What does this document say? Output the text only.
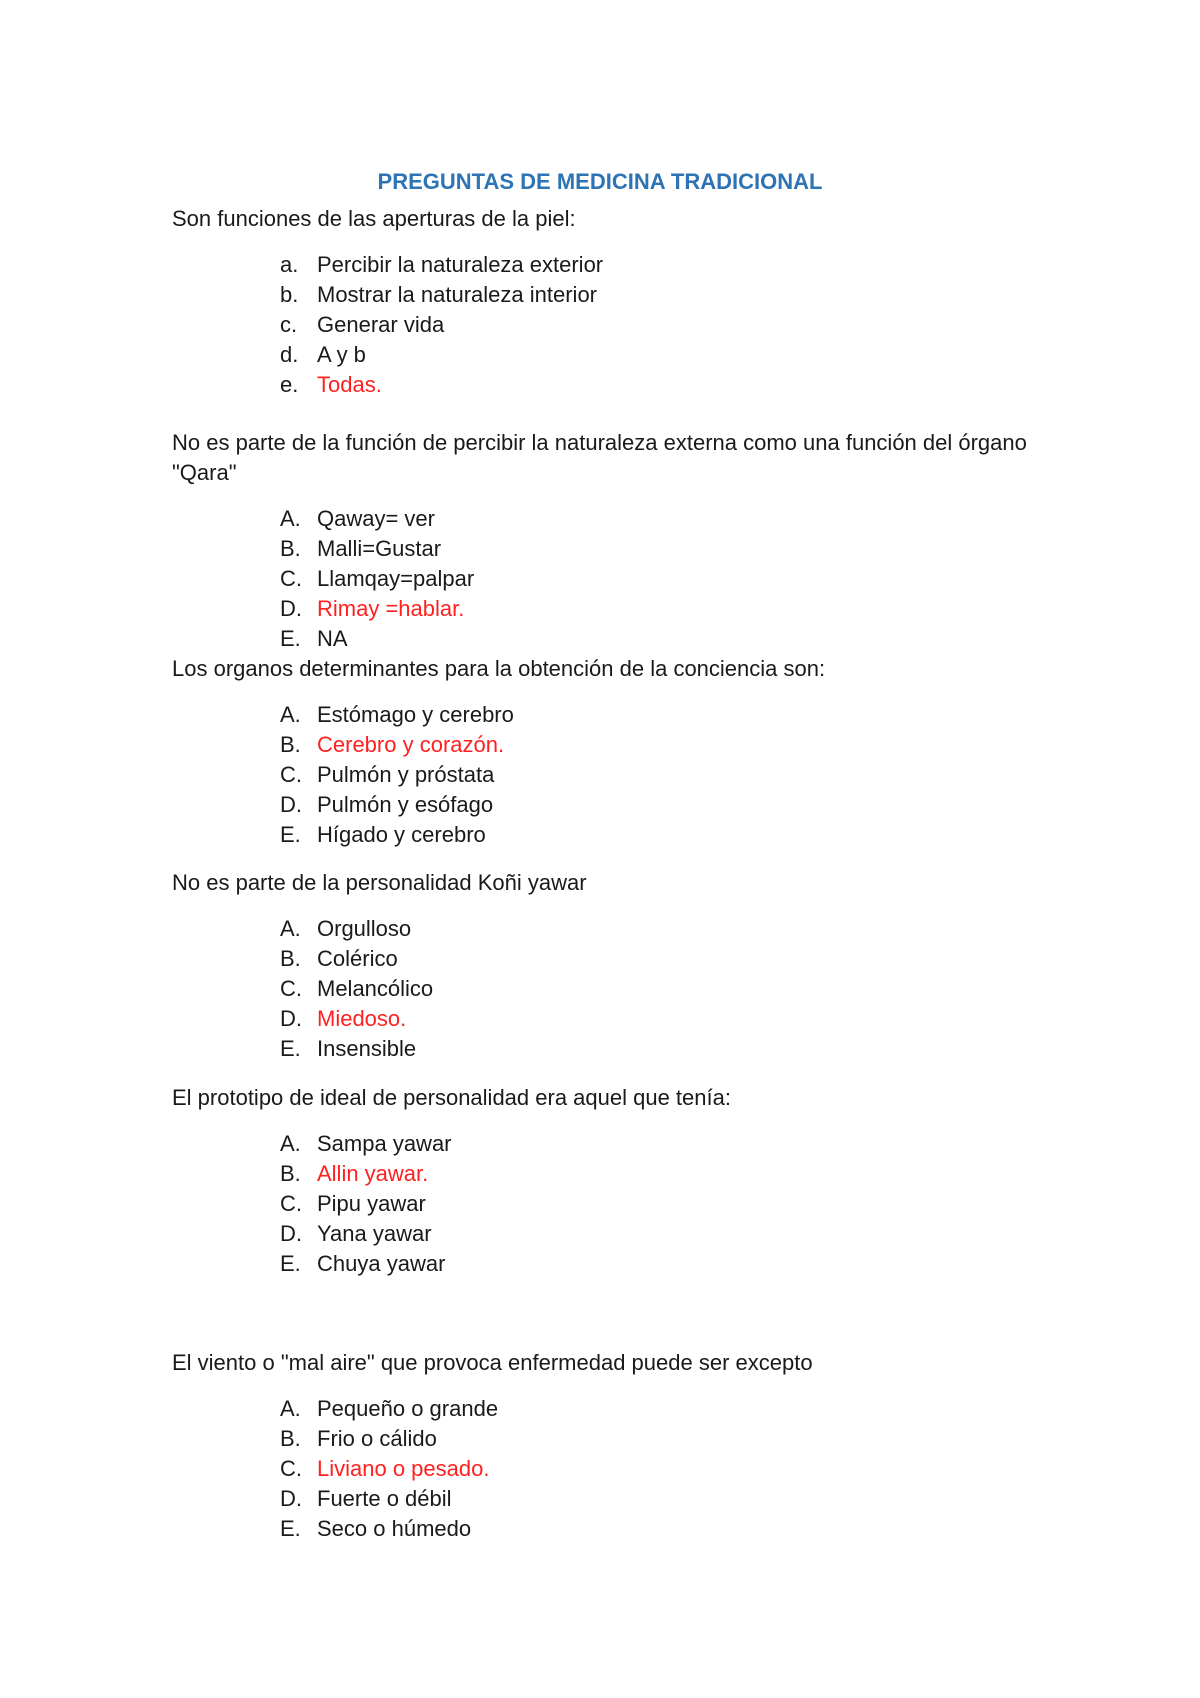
PREGUNTAS DE MEDICINA TRADICIONAL

Son funciones de las aperturas de la piel:

a. Percibir la naturaleza exterior
b. Mostrar la naturaleza interior
c. Generar vida
d. A y b
e. Todas.

No es parte de la función de percibir la naturaleza externa como una función del órgano "Qara"

A. Qaway= ver
B. Malli=Gustar
C. Llamqay=palpar
D. Rimay =hablar.
E. NA

Los organos determinantes para la obtención de la conciencia son:

A. Estómago y cerebro
B. Cerebro y corazón.
C. Pulmón y próstata
D. Pulmón y esófago
E. Hígado y cerebro

No es parte de la personalidad Koñi yawar

A. Orgulloso
B. Colérico
C. Melancólico
D. Miedoso.
E. Insensible

El prototipo de ideal de personalidad era aquel que tenía:

A. Sampa yawar
B. Allin yawar.
C. Pipu yawar
D. Yana yawar
E. Chuya yawar

El viento o "mal aire" que provoca enfermedad puede ser excepto

A. Pequeño o grande
B. Frio o cálido
C. Liviano o pesado.
D. Fuerte o débil
E. Seco o húmedo
